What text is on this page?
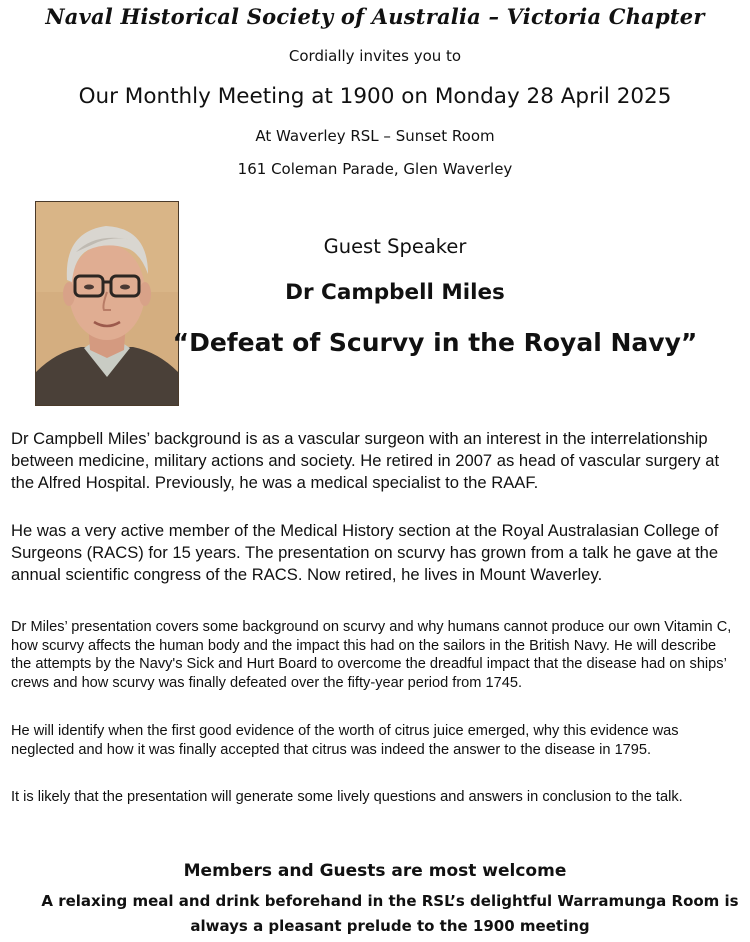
Naval Historical Society of Australia – Victoria Chapter
Cordially invites you to
Our Monthly Meeting at 1900 on Monday 28 April 2025
At Waverley RSL – Sunset Room
161 Coleman Parade, Glen Waverley
Guest Speaker
Dr Campbell Miles
“Defeat of Scurvy in the Royal Navy”

Dr Campbell Miles’ background is as a vascular surgeon with an interest in the interrelationship between medicine, military actions and society. He retired in 2007 as head of vascular surgery at the Alfred Hospital. Previously, he was a medical specialist to the RAAF.

He was a very active member of the Medical History section at the Royal Australasian College of Surgeons (RACS) for 15 years. The presentation on scurvy has grown from a talk he gave at the annual scientific congress of the RACS. Now retired, he lives in Mount Waverley.

Dr Miles’ presentation covers some background on scurvy and why humans cannot produce our own Vitamin C, how scurvy affects the human body and the impact this had on the sailors in the British Navy. He will describe the attempts by the Navy's Sick and Hurt Board to overcome the dreadful impact that the disease had on ships’ crews and how scurvy was finally defeated over the fifty-year period from 1745.

He will identify when the first good evidence of the worth of citrus juice emerged, why this evidence was neglected and how it was finally accepted that citrus was indeed the answer to the disease in 1795.

It is likely that the presentation will generate some lively questions and answers in conclusion to the talk.

Members and Guests are most welcome
A relaxing meal and drink beforehand in the RSL’s delightful Warramunga Room is always a pleasant prelude to the 1900 meeting
